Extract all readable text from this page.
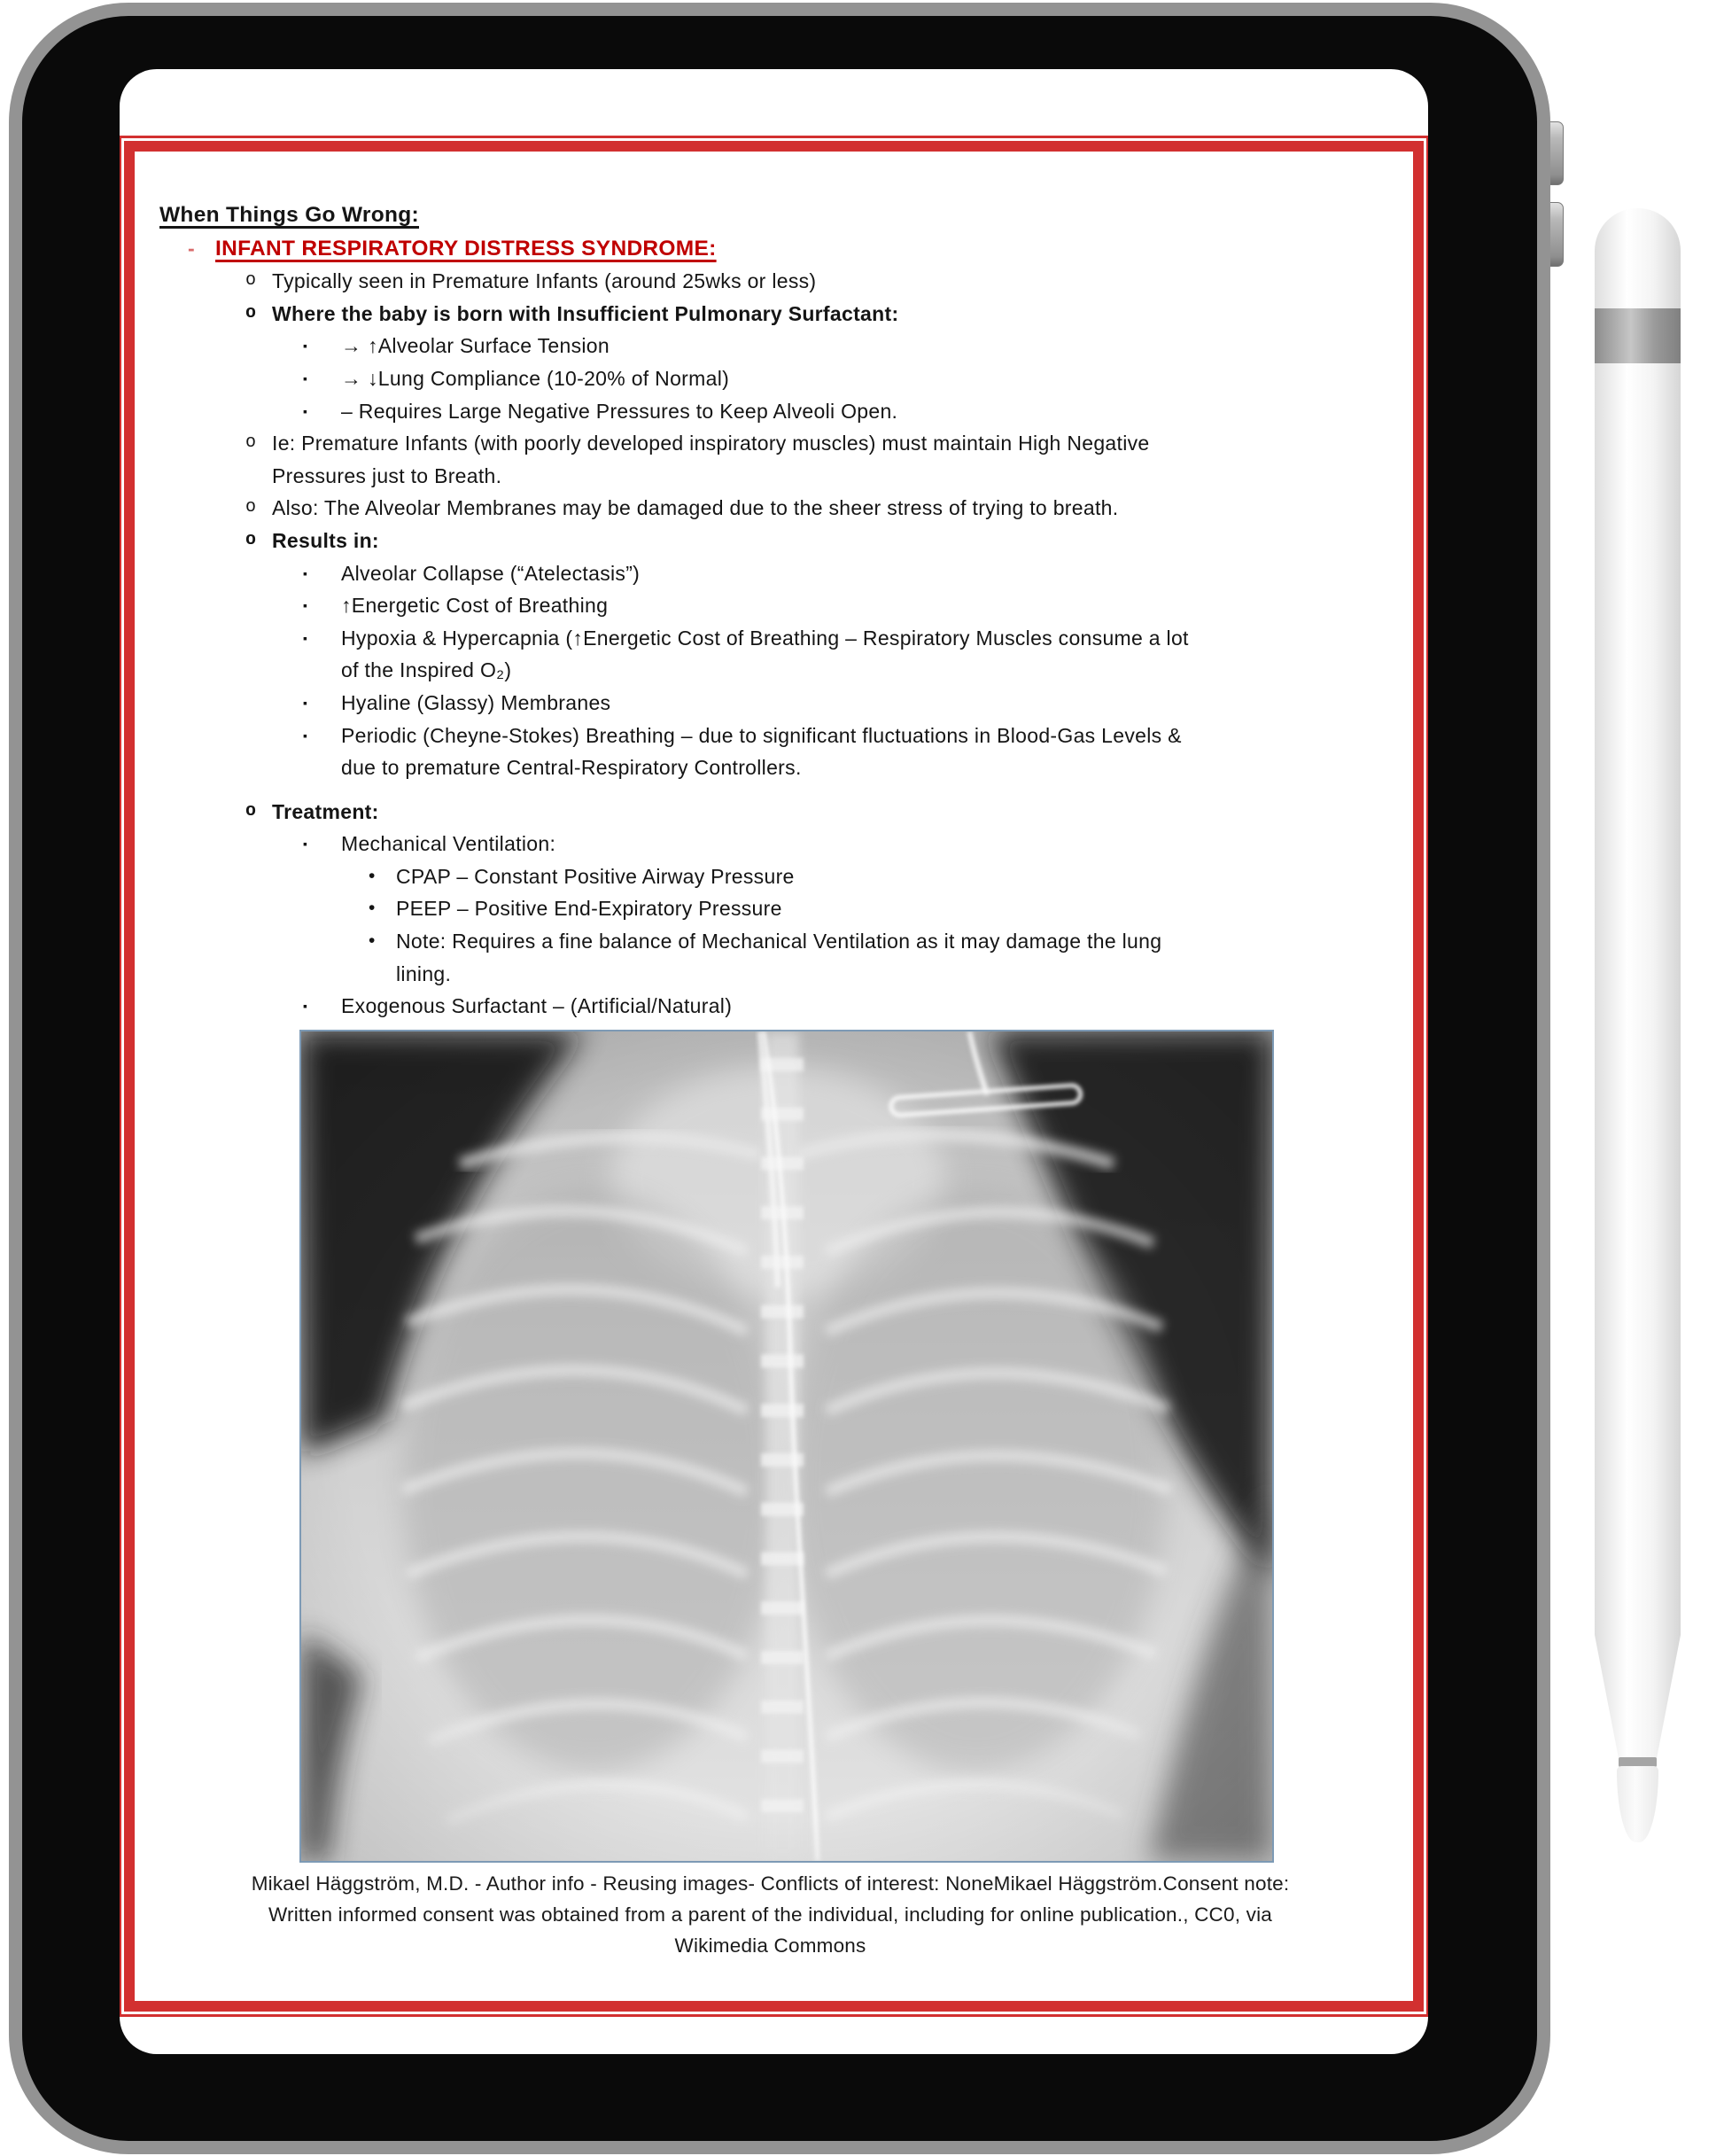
When Things Go Wrong:
- INFANT RESPIRATORY DISTRESS SYNDROME:
o Typically seen in Premature Infants (around 25wks or less)
o Where the baby is born with Insufficient Pulmonary Surfactant:
▪ → ↑Alveolar Surface Tension
▪ → ↓Lung Compliance (10-20% of Normal)
▪ – Requires Large Negative Pressures to Keep Alveoli Open.
o Ie: Premature Infants (with poorly developed inspiratory muscles) must maintain High Negative
Pressures just to Breath.
o Also: The Alveolar Membranes may be damaged due to the sheer stress of trying to breath.
o Results in:
▪ Alveolar Collapse (“Atelectasis”)
▪ ↑Energetic Cost of Breathing
▪ Hypoxia & Hypercapnia (↑Energetic Cost of Breathing – Respiratory Muscles consume a lot
of the Inspired O₂)
▪ Hyaline (Glassy) Membranes
▪ Periodic (Cheyne-Stokes) Breathing – due to significant fluctuations in Blood-Gas Levels &
due to premature Central-Respiratory Controllers.
o Treatment:
▪ Mechanical Ventilation:
• CPAP – Constant Positive Airway Pressure
• PEEP – Positive End-Expiratory Pressure
• Note: Requires a fine balance of Mechanical Ventilation as it may damage the lung
lining.
▪ Exogenous Surfactant – (Artificial/Natural)
Mikael Häggström, M.D. - Author info - Reusing images- Conflicts of interest: NoneMikael Häggström.Consent note:
Written informed consent was obtained from a parent of the individual, including for online publication., CC0, via
Wikimedia Commons
